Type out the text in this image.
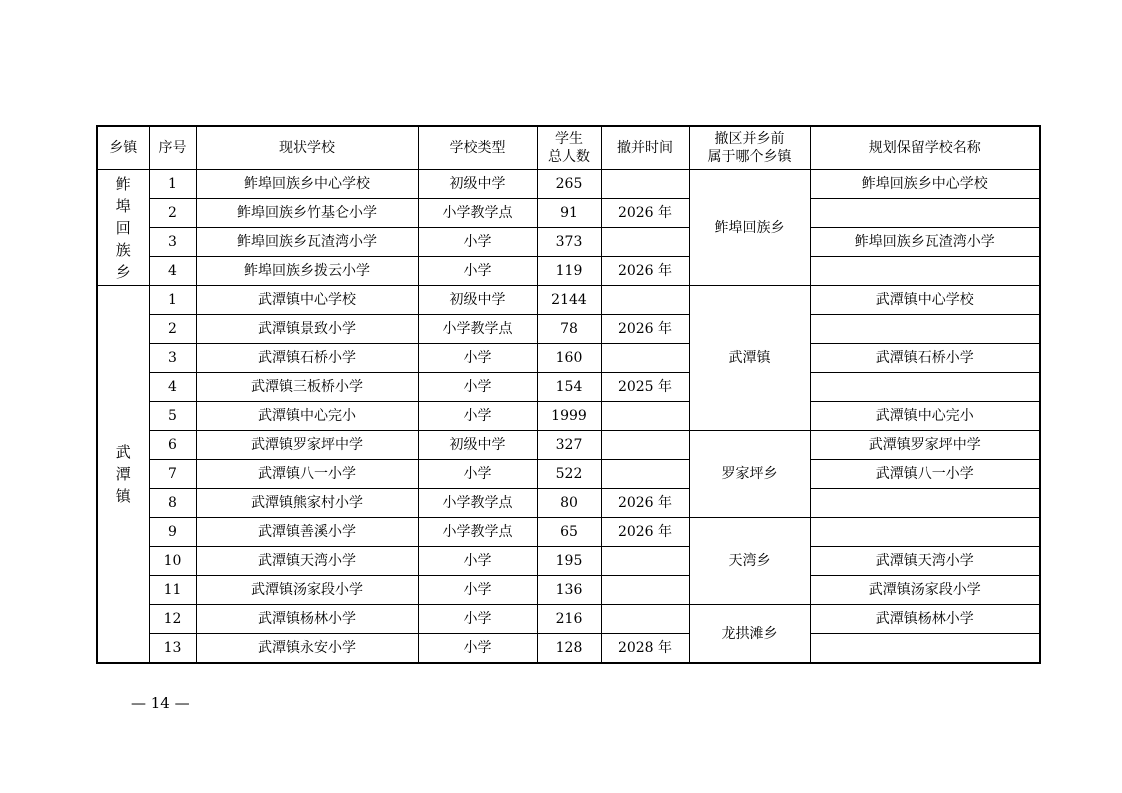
乡镇	序号	现状学校	学校类型	学生
总人数	撤并时间	撤区并乡前
属于哪个乡镇	规划保留学校名称

鲊
埠
回
族
乡	1	鲊埠回族乡中心学校	初级中学	265		鲊埠回族乡	鲊埠回族乡中心学校
	2	鲊埠回族乡竹基仑小学	小学教学点	91	2026 年		
	3	鲊埠回族乡瓦渣湾小学	小学	373			鲊埠回族乡瓦渣湾小学
	4	鲊埠回族乡拨云小学	小学	119	2026 年		

武
潭
镇	1	武潭镇中心学校	初级中学	2144		武潭镇	武潭镇中心学校
	2	武潭镇景致小学	小学教学点	78	2026 年		
	3	武潭镇石桥小学	小学	160			武潭镇石桥小学
	4	武潭镇三板桥小学	小学	154	2025 年		
	5	武潭镇中心完小	小学	1999			武潭镇中心完小
	6	武潭镇罗家坪中学	初级中学	327		罗家坪乡	武潭镇罗家坪中学
	7	武潭镇八一小学	小学	522			武潭镇八一小学
	8	武潭镇熊家村小学	小学教学点	80	2026 年		
	9	武潭镇善溪小学	小学教学点	65	2026 年	天湾乡	
	10	武潭镇天湾小学	小学	195			武潭镇天湾小学
	11	武潭镇汤家段小学	小学	136			武潭镇汤家段小学
	12	武潭镇杨林小学	小学	216		龙拱滩乡	武潭镇杨林小学
	13	武潭镇永安小学	小学	128	2028 年		
— 14 —
